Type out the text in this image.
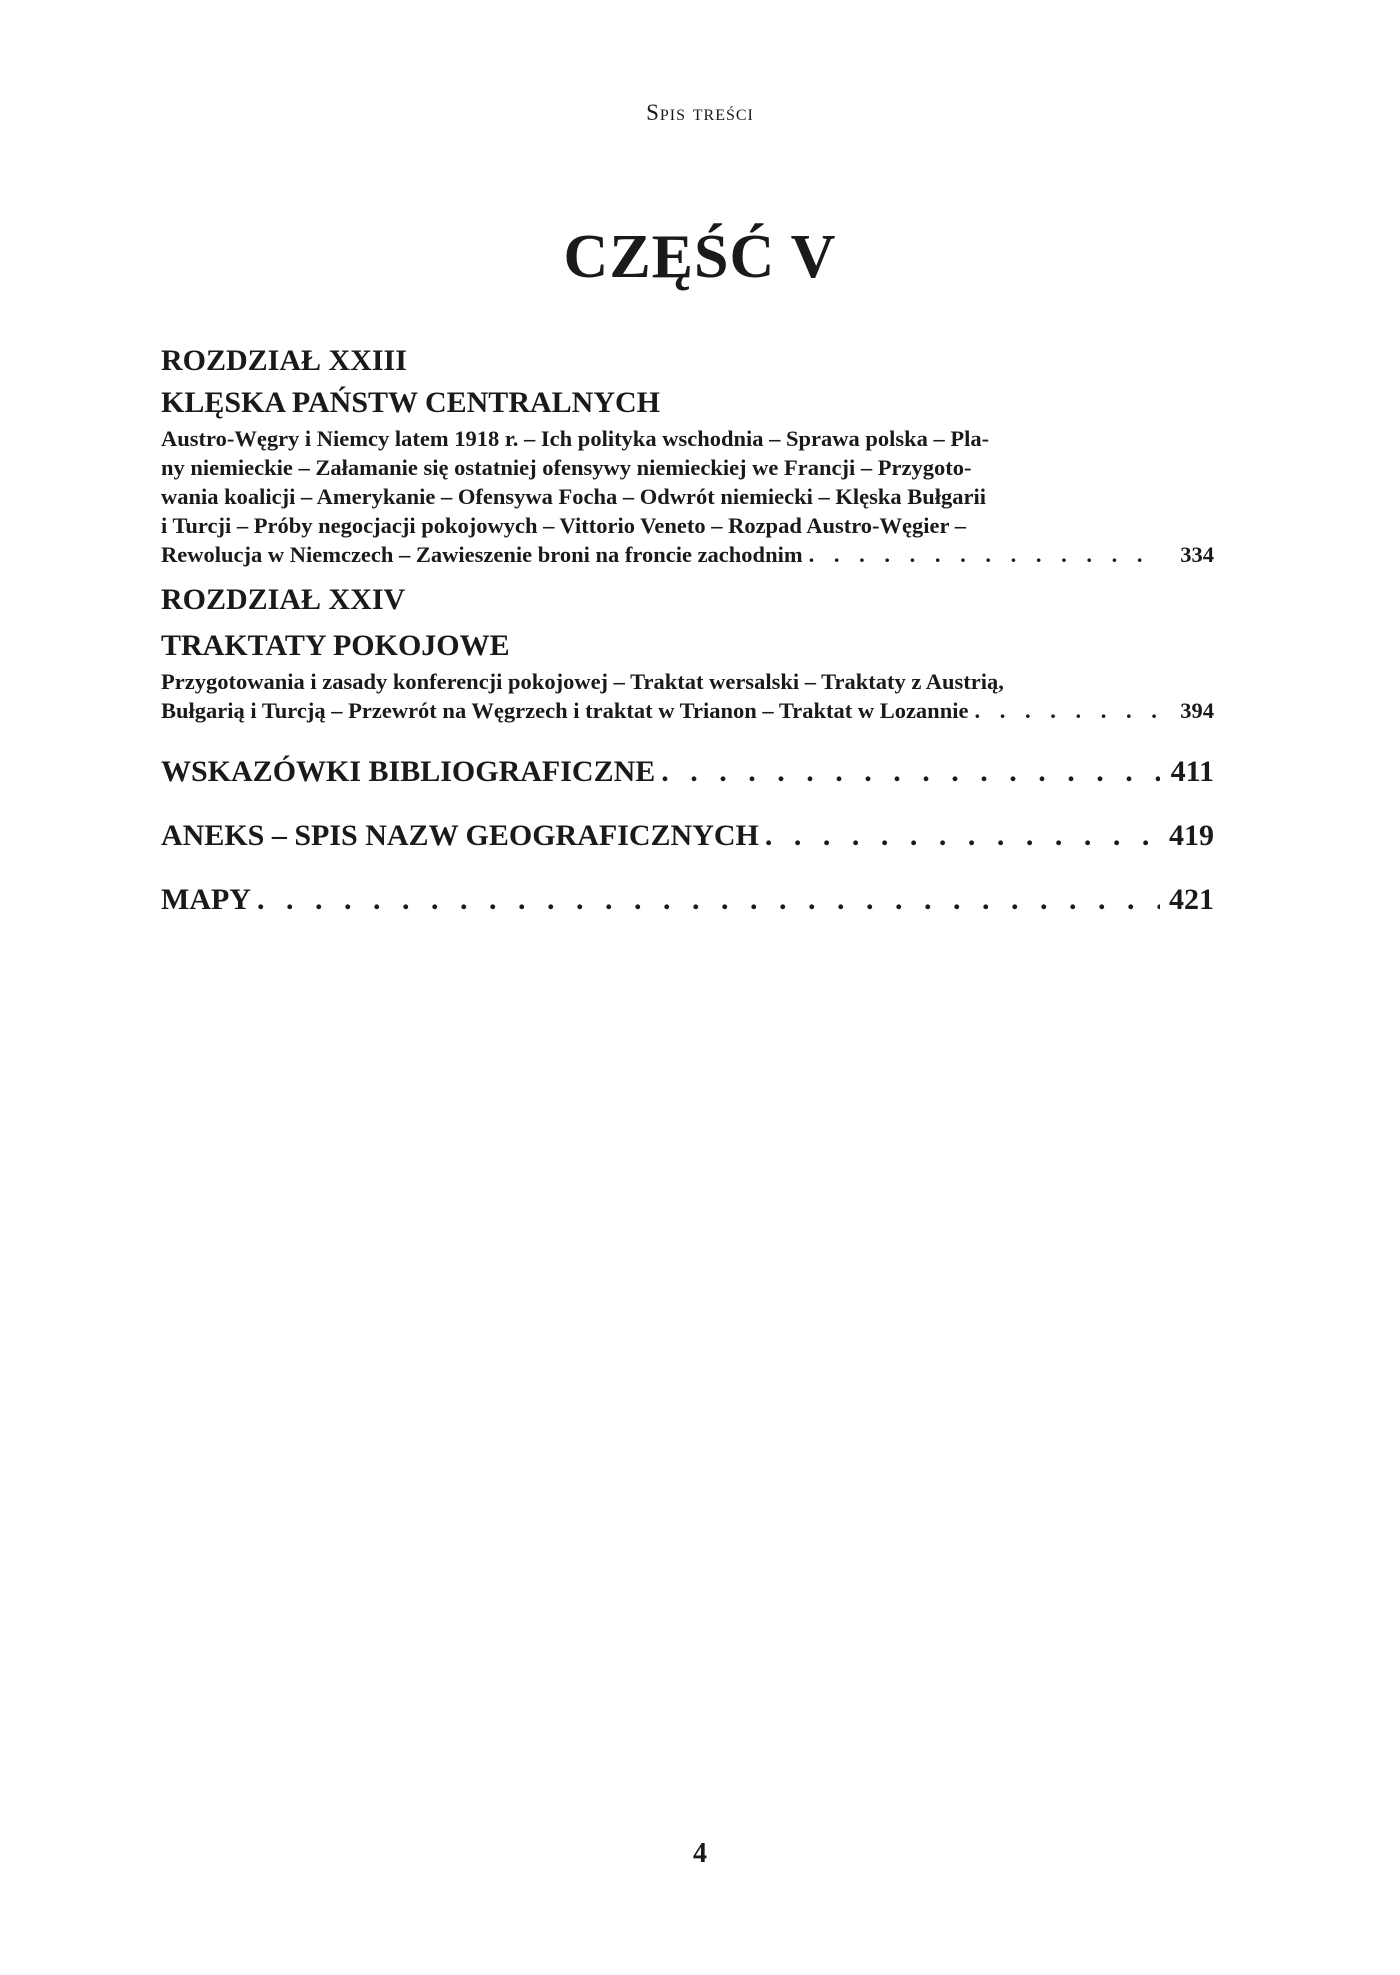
Spis treści
CZĘŚĆ V
ROZDZIAŁ XXIII
KLĘSKA PAŃSTW CENTRALNYCH
Austro-Węgry i Niemcy latem 1918 r. – Ich polityka wschodnia – Sprawa polska – Pla-
ny niemieckie – Załamanie się ostatniej ofensywy niemieckiej we Francji – Przygoto-
wania koalicji – Amerykanie – Ofensywa Focha – Odwrót niemiecki – Klęska Bułgarii
i Turcji – Próby negocjacji pokojowych – Vittorio Veneto – Rozpad Austro-Węgier –
Rewolucja w Niemczech – Zawieszenie broni na froncie zachodnim . . .	334
ROZDZIAŁ XXIV
TRAKTATY POKOJOWE
Przygotowania i zasady konferencji pokojowej – Traktat wersalski – Traktaty z Austrią,
Bułgarią i Turcją – Przewrót na Węgrzech i traktat w Trianon – Traktat w Lozannie . . .	394
WSKAZÓWKI BIBLIOGRAFICZNE . . .	411
ANEKS – SPIS NAZW GEOGRAFICZNYCH . . .	419
MAPY . . .	421
4
